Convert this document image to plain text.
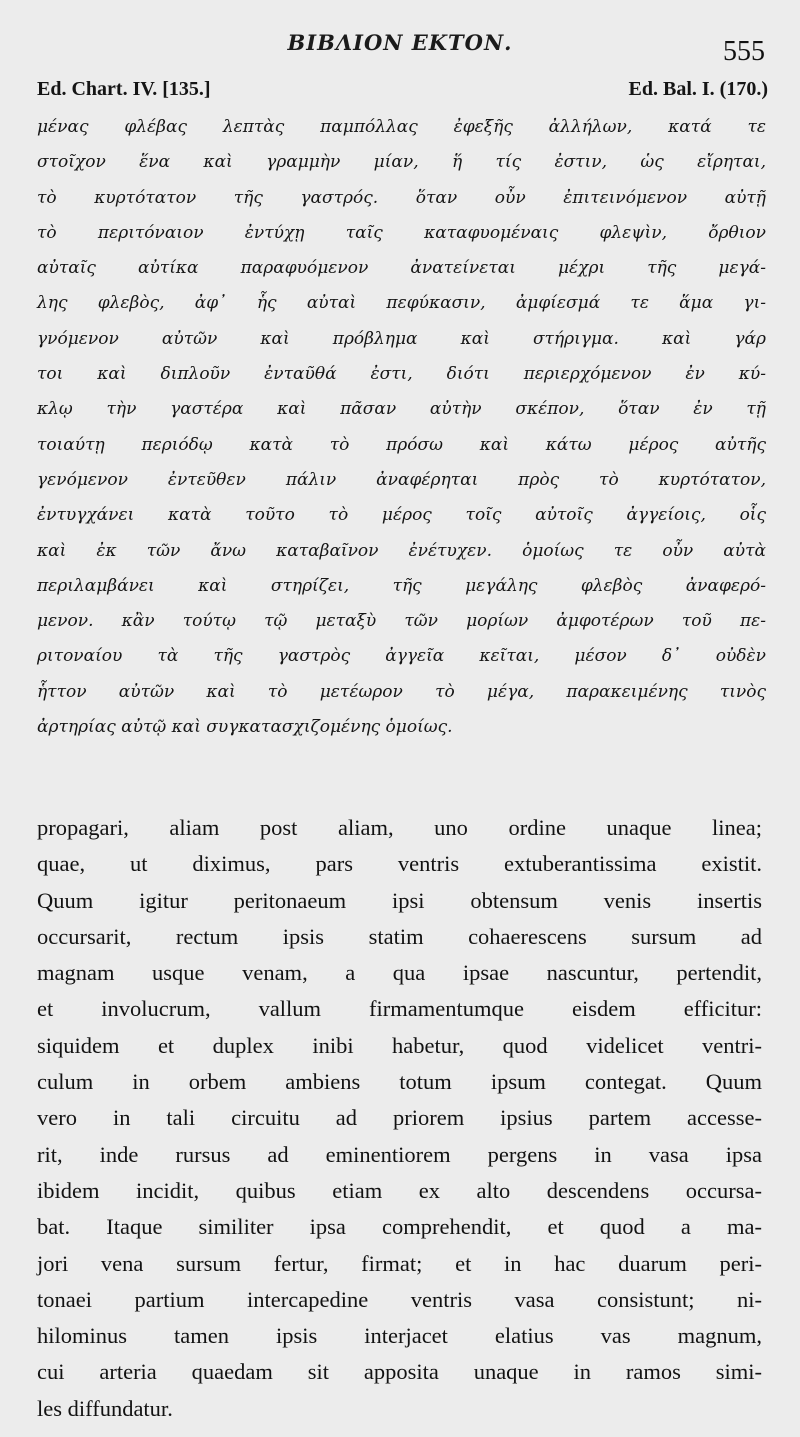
ΒΙΒΛΙΟΝ ΕΚΤΟΝ.	555
Ed. Chart. IV. [135.]	Ed. Bal. I. (170.)
μένας φλέβας λεπτὰς παμπόλλας ἐφεξῆς ἀλλήλων, κατά τε
στοῖχον ἕνα καὶ γραμμὴν μίαν, ἥ τίς ἐστιν, ὡς εἴρηται,
τὸ κυρτότατον τῆς γαστρός. ὅταν οὖν ἐπιτεινόμενον αὐτῇ
τὸ περιτόναιον ἐντύχῃ ταῖς καταφυομέναις φλεψὶν, ὄρθιον
αὐταῖς αὐτίκα παραφυόμενον ἀνατείνεται μέχρι τῆς μεγά-
λης φλεβὸς, ἀφ᾽ ἧς αὐταὶ πεφύκασιν, ἀμφίεσμά τε ἅμα γι-
γνόμενον αὐτῶν καὶ πρόβλημα καὶ στήριγμα. καὶ γάρ
τοι καὶ διπλοῦν ἐνταῦθά ἐστι, διότι περιερχόμενον ἐν κύ-
κλῳ τὴν γαστέρα καὶ πᾶσαν αὐτὴν σκέπον, ὅταν ἐν τῇ
τοιαύτῃ περιόδῳ κατὰ τὸ πρόσω καὶ κάτω μέρος αὐτῆς
γενόμενον ἐντεῦθεν πάλιν ἀναφέρηται πρὸς τὸ κυρτότατον,
ἐντυγχάνει κατὰ τοῦτο τὸ μέρος τοῖς αὐτοῖς ἀγγείοις, οἷς
καὶ ἐκ τῶν ἄνω καταβαῖνον ἐνέτυχεν. ὁμοίως τε οὖν αὐτὰ
περιλαμβάνει καὶ στηρίζει, τῆς μεγάλης φλεβὸς ἀναφερό-
μενον. κἂν τούτῳ τῷ μεταξὺ τῶν μορίων ἀμφοτέρων τοῦ πε-
ριτοναίου τὰ τῆς γαστρὸς ἀγγεῖα κεῖται, μέσον δ᾽ οὐδὲν
ἧττον αὐτῶν καὶ τὸ μετέωρον τὸ μέγα, παρακειμένης τινὸς
ἀρτηρίας αὐτῷ καὶ συγκατασχιζομένης ὁμοίως.
propagari, aliam post aliam, uno ordine unaque linea;
quae, ut diximus, pars ventris extuberantissima existit.
Quum igitur peritonaeum ipsi obtensum venis insertis
occursarit, rectum ipsis statim cohaerescens sursum ad
magnam usque venam, a qua ipsae nascuntur, pertendit,
et involucrum, vallum firmamentumque eisdem efficitur:
siquidem et duplex inibi habetur, quod videlicet ventri-
culum in orbem ambiens totum ipsum contegat. Quum
vero in tali circuitu ad priorem ipsius partem accesse-
rit, inde rursus ad eminentiorem pergens in vasa ipsa
ibidem incidit, quibus etiam ex alto descendens occursa-
bat. Itaque similiter ipsa comprehendit, et quod a ma-
jori vena sursum fertur, firmat; et in hac duarum peri-
tonaei partium intercapedine ventris vasa consistunt; ni-
hilominus tamen ipsis interjacet elatius vas magnum,
cui arteria quaedam sit apposita unaque in ramos simi-
les diffundatur.
